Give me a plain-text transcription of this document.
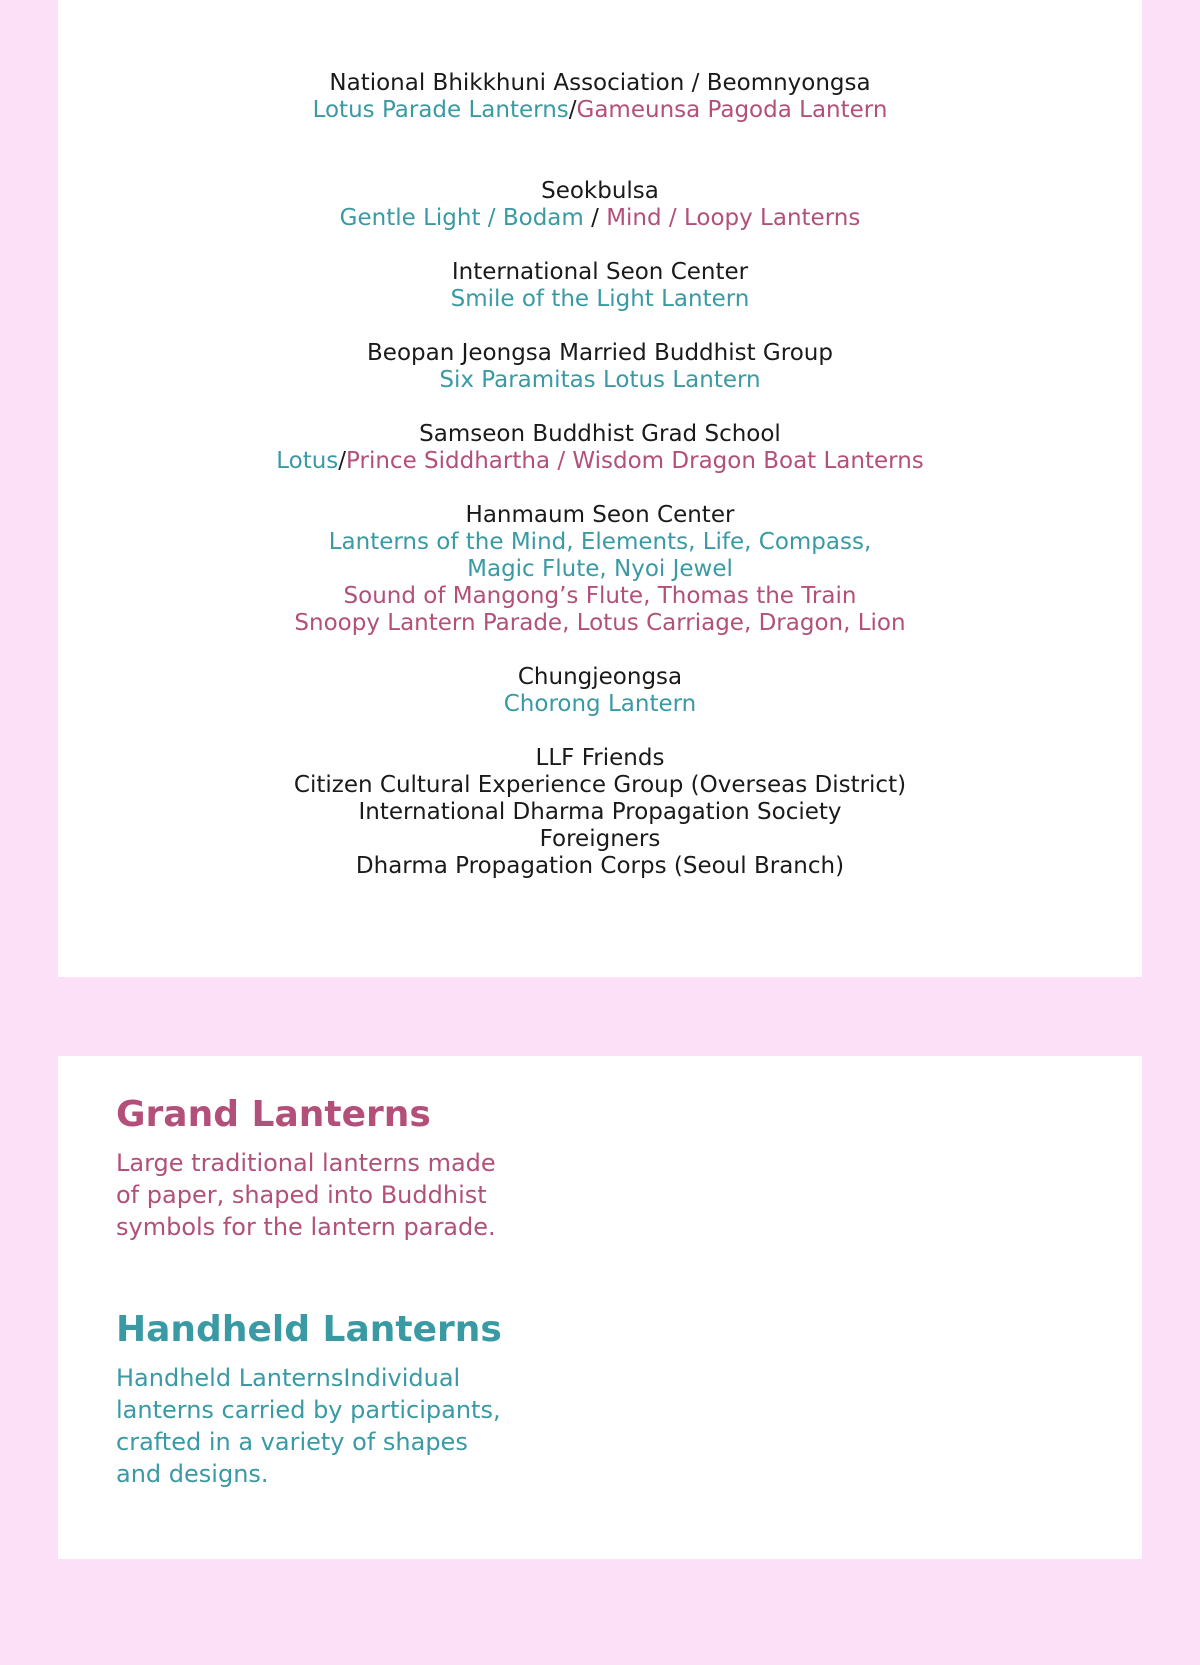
National Bhikkhuni Association / Beomnyongsa
Lotus Parade Lanterns/Gameunsa Pagoda Lantern
Seokbulsa
Gentle Light / Bodam / Mind / Loopy Lanterns
International Seon Center
Smile of the Light Lantern
Beopan Jeongsa Married Buddhist Group
Six Paramitas Lotus Lantern
Samseon Buddhist Grad School
Lotus/Prince Siddhartha / Wisdom Dragon Boat Lanterns
Hanmaum Seon Center
Lanterns of the Mind, Elements, Life, Compass,
Magic Flute, Nyoi Jewel
Sound of Mangong’s Flute, Thomas the Train
Snoopy Lantern Parade, Lotus Carriage, Dragon, Lion
Chungjeongsa
Chorong Lantern
LLF Friends
Citizen Cultural Experience Group (Overseas District)
International Dharma Propagation Society
Foreigners
Dharma Propagation Corps (Seoul Branch)
Grand Lanterns

Large traditional lanterns made
of paper, shaped into Buddhist
symbols for the lantern parade.

Handheld Lanterns

Handheld LanternsIndividual
lanterns carried by participants,
crafted in a variety of shapes
and designs.
